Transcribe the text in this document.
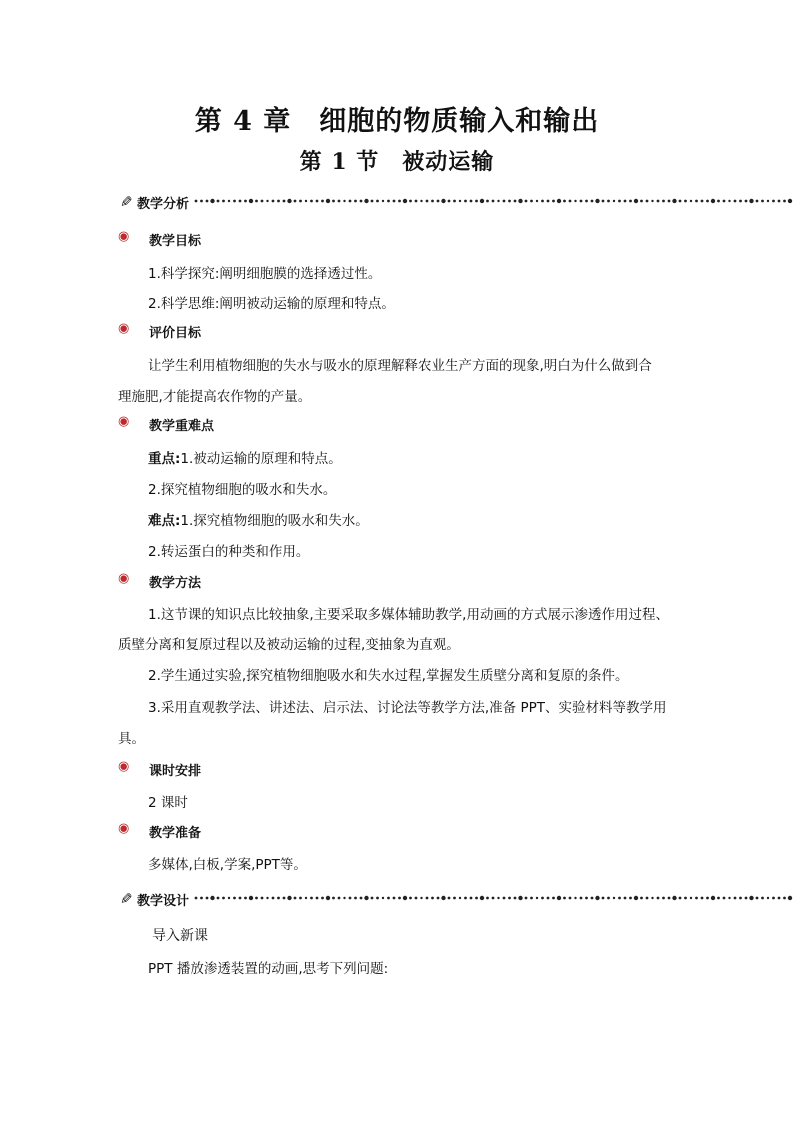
第 4 章　细胞的物质输入和输出
第 1 节　被动运输
✎ 教学分析
◉ 教学目标
1.科学探究:阐明细胞膜的选择透过性。
2.科学思维:阐明被动运输的原理和特点。
◉ 评价目标
让学生利用植物细胞的失水与吸水的原理解释农业生产方面的现象,明白为什么做到合
理施肥,才能提高农作物的产量。
◉ 教学重难点
重点:1.被动运输的原理和特点。
2.探究植物细胞的吸水和失水。
难点:1.探究植物细胞的吸水和失水。
2.转运蛋白的种类和作用。
◉ 教学方法
1.这节课的知识点比较抽象,主要采取多媒体辅助教学,用动画的方式展示渗透作用过程、
质壁分离和复原过程以及被动运输的过程,变抽象为直观。
2.学生通过实验,探究植物细胞吸水和失水过程,掌握发生质壁分离和复原的条件。
3.采用直观教学法、讲述法、启示法、讨论法等教学方法,准备 PPT、实验材料等教学用
具。
◉ 课时安排
2 课时
◉ 教学准备
多媒体,白板,学案,PPT等。
✎ 教学设计
导入新课
PPT 播放渗透装置的动画,思考下列问题:
